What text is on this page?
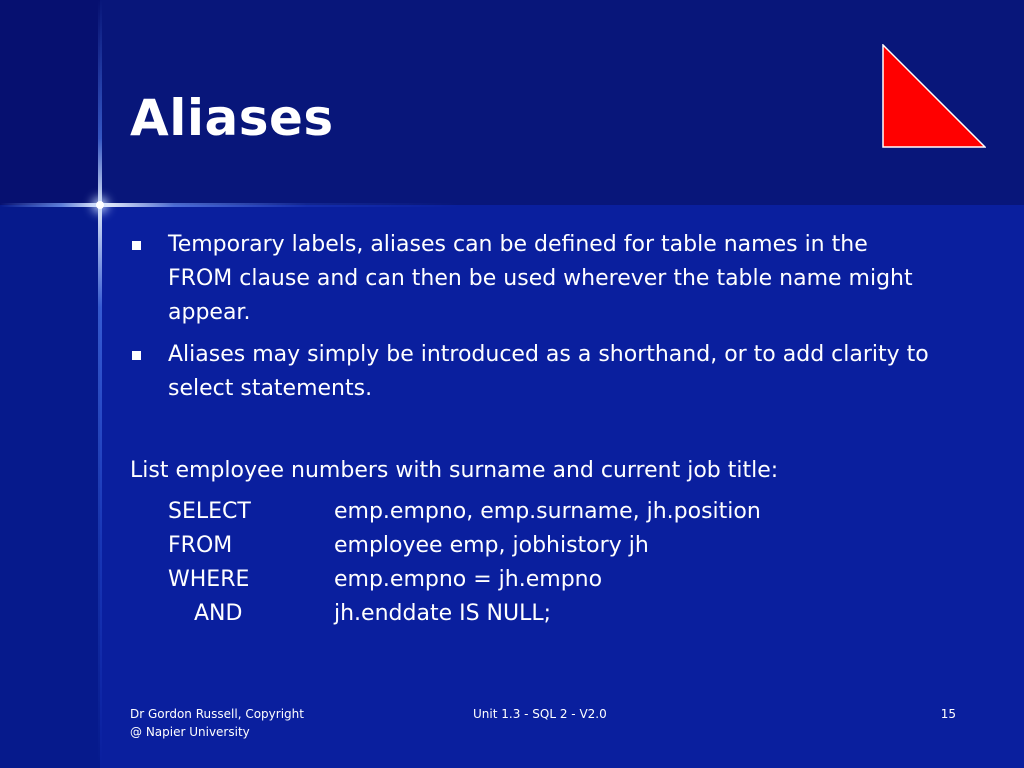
Aliases
Temporary labels, aliases can be defined for table names in the FROM clause and can then be used wherever the table name might appear.
Aliases may simply be introduced as a shorthand, or to add clarity to select statements.

List employee numbers with surname and current job title:

SELECT	emp.empno, emp.surname, jh.position
FROM	employee emp, jobhistory jh
WHERE	emp.empno = jh.empno
AND	jh.enddate IS NULL;
Dr Gordon Russell, Copyright
@ Napier University
Unit 1.3 - SQL 2 - V2.0	15
